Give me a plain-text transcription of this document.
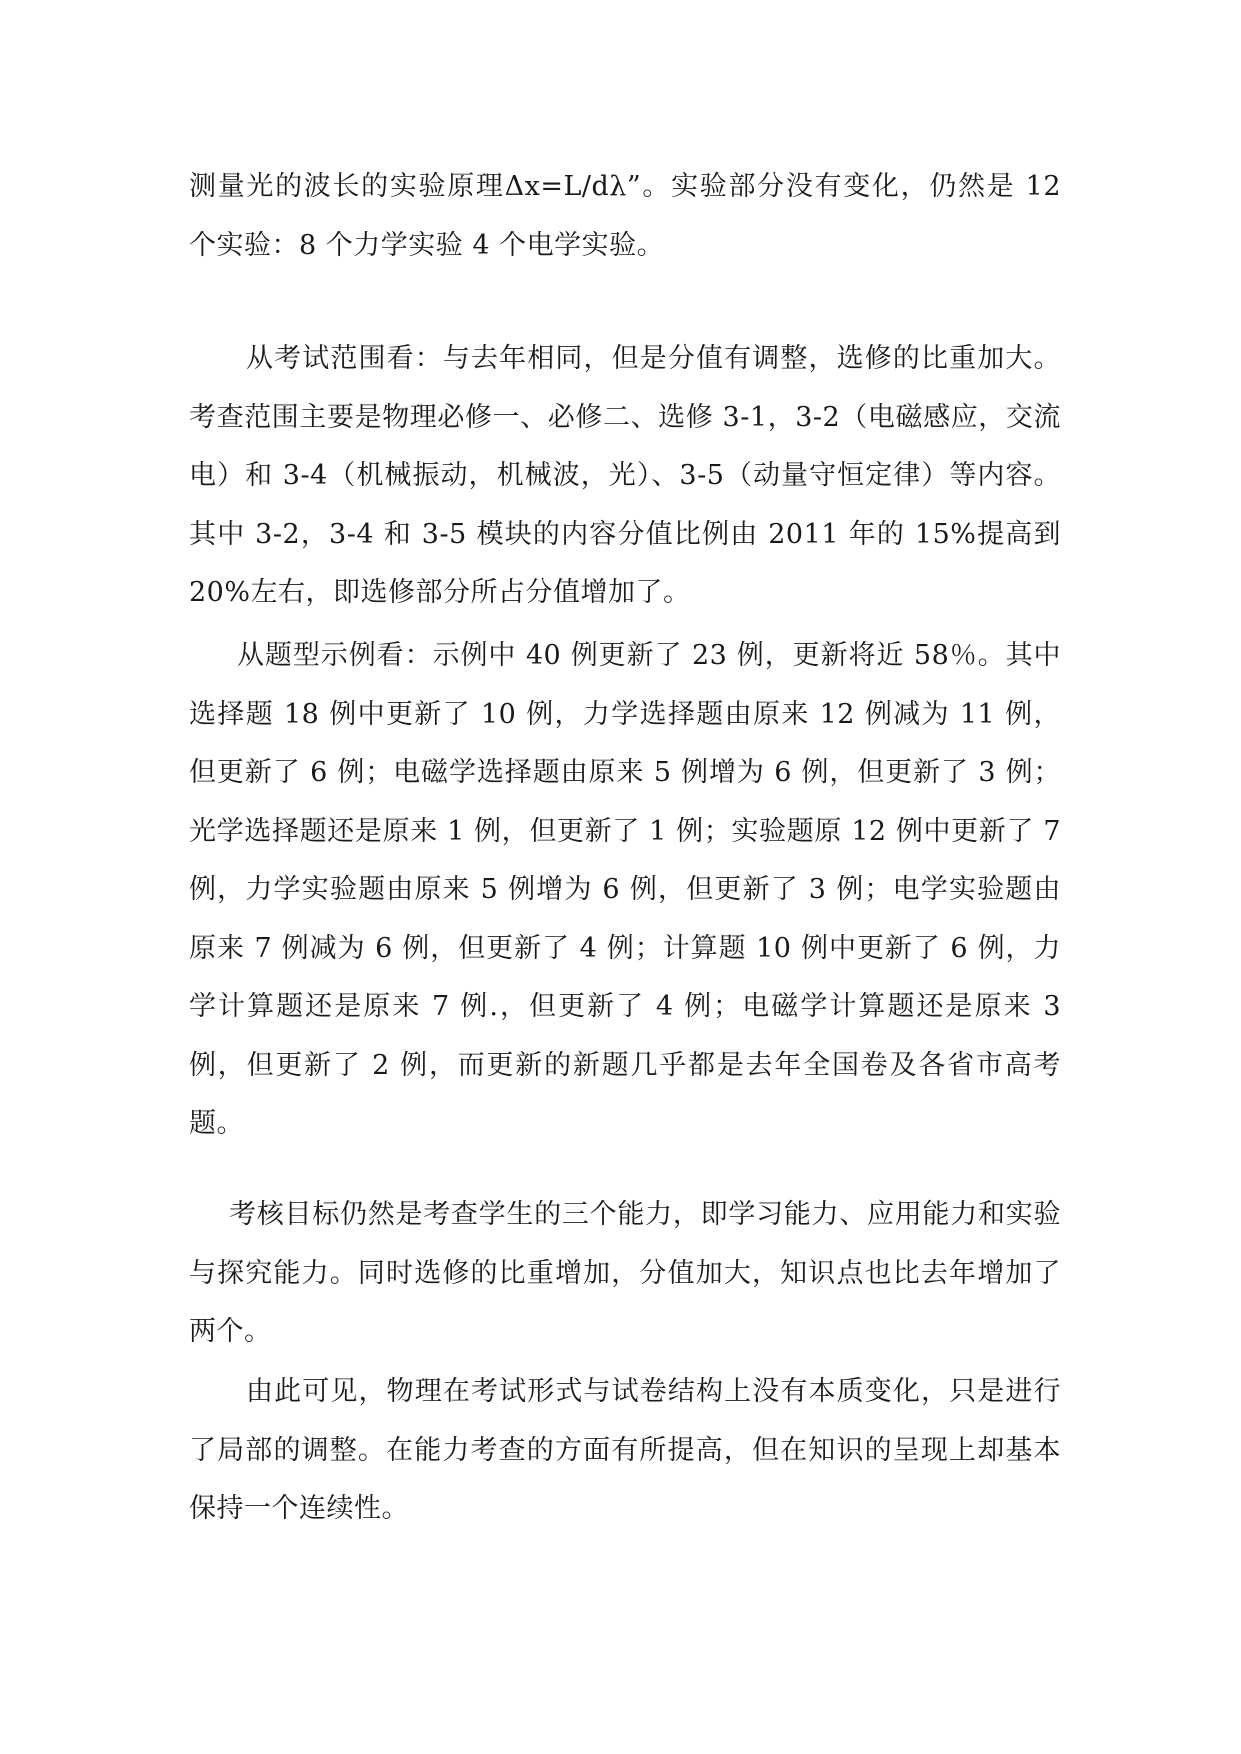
测量光的波长的实验原理Δx=L/dλ”。实验部分没有变化，仍然是 12 个实验：8 个力学实验 4 个电学实验。

从考试范围看：与去年相同，但是分值有调整，选修的比重加大。考查范围主要是物理必修一、必修二、选修 3-1，3-2（电磁感应，交流电）和 3-4（机械振动，机械波，光）、3-5（动量守恒定律）等内容。其中 3-2，3-4 和 3-5 模块的内容分值比例由 2011 年的 15%提高到 20%左右，即选修部分所占分值增加了。

从题型示例看：示例中 40 例更新了 23 例，更新将近 58％。其中选择题 18 例中更新了 10 例，力学选择题由原来 12 例减为 11 例，但更新了 6 例；电磁学选择题由原来 5 例增为 6 例，但更新了 3 例；光学选择题还是原来 1 例，但更新了 1 例；实验题原 12 例中更新了 7 例，力学实验题由原来 5 例增为 6 例，但更新了 3 例；电学实验题由原来 7 例减为 6 例，但更新了 4 例；计算题 10 例中更新了 6 例，力学计算题还是原来 7 例.，但更新了 4 例；电磁学计算题还是原来 3 例，但更新了 2 例，而更新的新题几乎都是去年全国卷及各省市高考题。

考核目标仍然是考查学生的三个能力，即学习能力、应用能力和实验与探究能力。同时选修的比重增加，分值加大，知识点也比去年增加了两个。

由此可见，物理在考试形式与试卷结构上没有本质变化，只是进行了局部的调整。在能力考查的方面有所提高，但在知识的呈现上却基本保持一个连续性。
